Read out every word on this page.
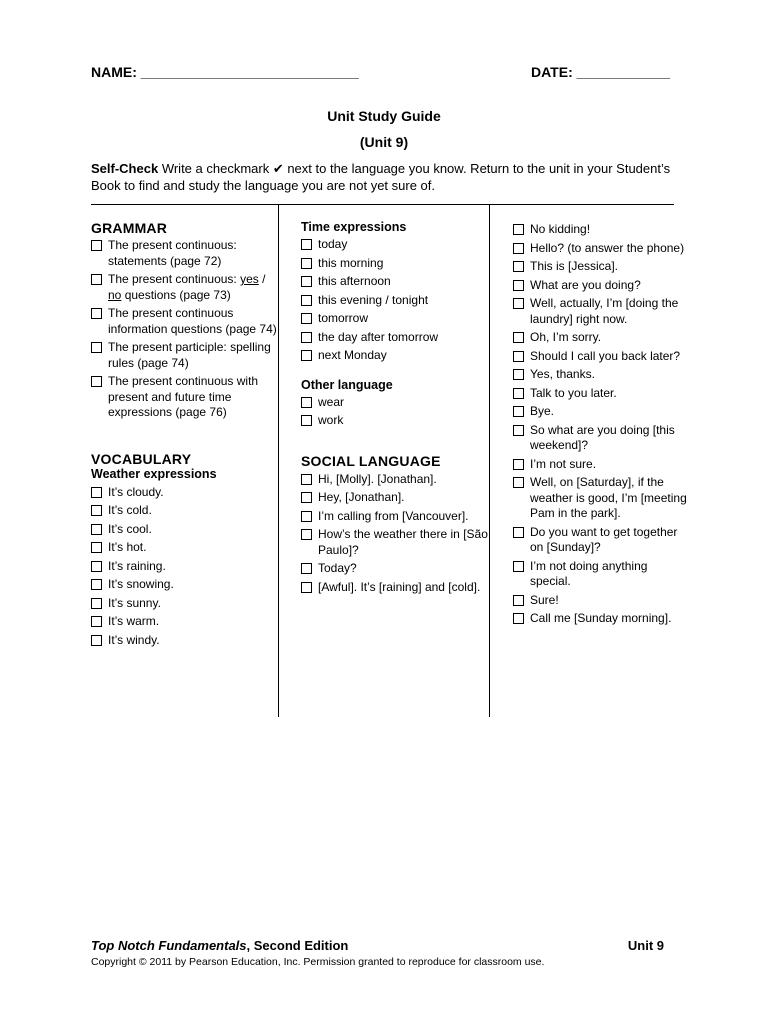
NAME: ____________________________	DATE: ____________
Unit Study Guide
(Unit 9)
Self-Check Write a checkmark ✔ next to the language you know. Return to the unit in your Student’s Book to find and study the language you are not yet sure of.
GRAMMAR
The present continuous: statements (page 72)
The present continuous: yes / no questions (page 73)
The present continuous information questions (page 74)
The present participle: spelling rules (page 74)
The present continuous with present and future time expressions (page 76)
VOCABULARY
Weather expressions
It’s cloudy.
It’s cold.
It’s cool.
It’s hot.
It’s raining.
It’s snowing.
It’s sunny.
It’s warm.
It’s windy.
Time expressions
today
this morning
this afternoon
this evening / tonight
tomorrow
the day after tomorrow
next Monday
Other language
wear
work
SOCIAL LANGUAGE
Hi, [Molly]. [Jonathan].
Hey, [Jonathan].
I’m calling from [Vancouver].
How’s the weather there in [São Paulo]?
Today?
[Awful]. It’s [raining] and [cold].
No kidding!
Hello? (to answer the phone)
This is [Jessica].
What are you doing?
Well, actually, I’m [doing the laundry] right now.
Oh, I’m sorry.
Should I call you back later?
Yes, thanks.
Talk to you later.
Bye.
So what are you doing [this weekend]?
I’m not sure.
Well, on [Saturday], if the weather is good, I’m [meeting Pam in the park].
Do you want to get together on [Sunday]?
I’m not doing anything special.
Sure!
Call me [Sunday morning].
Top Notch Fundamentals, Second Edition	Unit 9
Copyright © 2011 by Pearson Education, Inc. Permission granted to reproduce for classroom use.
